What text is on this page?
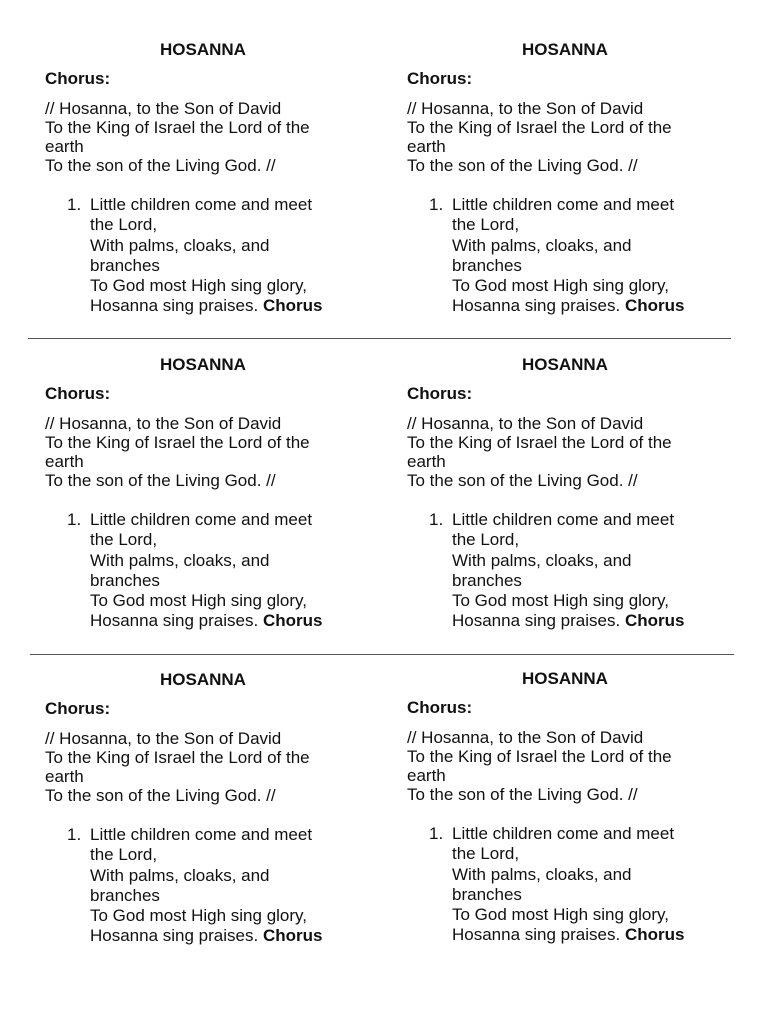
HOSANNA
Chorus:
// Hosanna, to the Son of David
To the King of Israel the Lord of the
earth
To the son of the Living God. //
1. Little children come and meet
the Lord,
With palms, cloaks, and
branches
To God most High sing glory,
Hosanna sing praises. Chorus
HOSANNA
Chorus:
// Hosanna, to the Son of David
To the King of Israel the Lord of the
earth
To the son of the Living God. //
1. Little children come and meet
the Lord,
With palms, cloaks, and
branches
To God most High sing glory,
Hosanna sing praises. Chorus
HOSANNA
Chorus:
// Hosanna, to the Son of David
To the King of Israel the Lord of the
earth
To the son of the Living God. //
1. Little children come and meet
the Lord,
With palms, cloaks, and
branches
To God most High sing glory,
Hosanna sing praises. Chorus
HOSANNA
Chorus:
// Hosanna, to the Son of David
To the King of Israel the Lord of the
earth
To the son of the Living God. //
1. Little children come and meet
the Lord,
With palms, cloaks, and
branches
To God most High sing glory,
Hosanna sing praises. Chorus
HOSANNA
Chorus:
// Hosanna, to the Son of David
To the King of Israel the Lord of the
earth
To the son of the Living God. //
1. Little children come and meet
the Lord,
With palms, cloaks, and
branches
To God most High sing glory,
Hosanna sing praises. Chorus
HOSANNA
Chorus:
// Hosanna, to the Son of David
To the King of Israel the Lord of the
earth
To the son of the Living God. //
1. Little children come and meet
the Lord,
With palms, cloaks, and
branches
To God most High sing glory,
Hosanna sing praises. Chorus
